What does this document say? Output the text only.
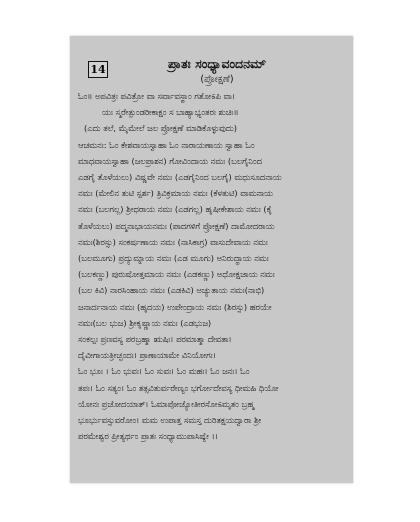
14	ಪ್ರಾತಃ ಸಂಧ್ಯಾವಂದನಮ್
(ಪ್ರೋಕ್ಷಣೆ)
ಓಂ॥ ಅಪವಿತ್ರಃ ಪವಿತ್ರೋ ವಾ ಸರ್ವಾವಸ್ಥಾಂ ಗತೋಽಪಿ ವಾ।
ಯಃ ಸ್ಮರೇತ್ಪುಂಡರೀಕಾಕ್ಷಂ ಸ ಬಾಹ್ಯಾಭ್ಯಂತರಃ ಶುಚಿಃ॥
(ಎದು ತಲೆ, ಮೈಮೇಲೆ ಜಲ ಪ್ರೋಕ್ಷಣೆ ಮಾಡಿಕೊಳ್ಳುವುದು)
ಆಚಮನಃ: ಓಂ ಕೇಶವಾಯಸ್ವಾಹಾ ಓಂ ನಾರಾಯಣಾಯ ಸ್ವಾಹಾ ಓಂ
ಮಾಧವಾಯಸ್ವಾಹಾ (ಜಲಪ್ರಾಶನ) ಗೋವಿಂದಾಯ ನಮಃ (ಬಲಗೈನಿಂದ
ಎಡಗೈ ತೊಳೆಯಲು) ವಿಷ್ಣವೇ ನಮಃ (ಎಡಗೈನಿಂದ ಬಲಗೈ) ಮಧುಸೂದನಾಯ
ನಮಃ (ಮೇಲಿನ ತುಟಿ ಸ್ಪರ್ಶ) ತ್ರಿವಿಕ್ರಮಾಯ ನಮಃ (ಕೆಳತುಟಿ) ವಾಮನಾಯ
ನಮಃ (ಬಲಗಲ್ಲ) ಶ್ರೀಧರಾಯ ನಮಃ (ಎಡಗಲ್ಲ) ಹೃಷೀಕೇಶಾಯ ನಮಃ (ಕೈ
ತೊಳೆಯಲು) ಪದ್ಮನಾಭಾಯನಮಃ (ಪಾದಗಳಿಗೆ ಪ್ರೋಕ್ಷಣೆ) ದಾಮೋದರಾಯ
ನಮಃ(ಶಿರಸ್ಸು) ಸಂಕರ್ಷಣಾಯ ನಮಃ (ನಾಸಿಕಾಗ್ರ) ವಾಸುದೇವಾಯ ನಮಃ
(ಬಲಮೂಗು) ಪ್ರದ್ಯುಮ್ನಾಯ ನಮಃ (ಎಡ ಮೂಗು) ಅನಿರುದ್ಧಾಯ ನಮಃ
(ಬಲಕಣ್ಣು) ಪುರುಷೋತ್ತಮಾಯ ನಮಃ (ಎಡಕಣ್ಣು) ಅಧೋಕ್ಷಜಾಯ ನಮಃ
(ಬಲ ಕಿವಿ) ನಾರಸಿಂಹಾಯ ನಮಃ (ಎಡಕಿವಿ) ಅಚ್ಯುತಾಯ ನಮಃ(ನಾಭಿ)
ಜನಾರ್ದನಾಯ ನಮಃ (ಹೃದಯ) ಉಪೇಂದ್ರಾಯ ನಮಃ (ಶಿರಸ್ಸು) ಹರಯೇ
ನಮಃ(ಬಲ ಭುಜ) ಶ್ರೀಕೃಷ್ಣಾಯ ನಮಃ (ಎಡಭುಜ)
ಸಂಕಲ್ಪಃ ಪ್ರಣವಸ್ಯ ಪರಬ್ರಹ್ಮಾ ಋಷಿಃ। ಪರಮಾತ್ಮಾ ದೇವತಾ।
ದೈವೀಗಾಯತ್ರೀಚ್ಛಂದಃ। ಪ್ರಾಣಾಯಾಮೇ ವಿನಿಯೋಗಃ।
ಓಂ ಭೂಃ । ಓಂ ಭುವಃ। ಓಂ ಸುವಃ। ಓಂ ಮಹಃ। ಓಂ ಜನಃ। ಓಂ
ತಪಃ। ಓಂ ಸತ್ಯಂ। ಓಂ ತತ್ಸವಿತುರ್ವರೇಣ್ಯಂ ಭರ್ಗೋದೇವಸ್ಯ ಧೀಮಹಿ ಧಿಯೋ
ಯೋನಃ ಪ್ರಚೋದಯಾತ್। ಓಮಾಪೋಜ್ಯೋತೀರಸೋಽಮೃತಂ ಬ್ರಹ್ಮ
ಭೂರ್ಭುವಸ್ಸುವರೋಂ। ಮಮ ಉಪಾತ್ತ ಸಮಸ್ತ ದುರಿತಕ್ಷಯದ್ವಾರಾ ಶ್ರೀ
ಪರಮೇಶ್ವರ ಪ್ರೀತ್ಯರ್ಥಂ ಪ್ರಾತಃ ಸಂಧ್ಯಾಮುಪಾಸಿಷ್ಯೇ ।।
